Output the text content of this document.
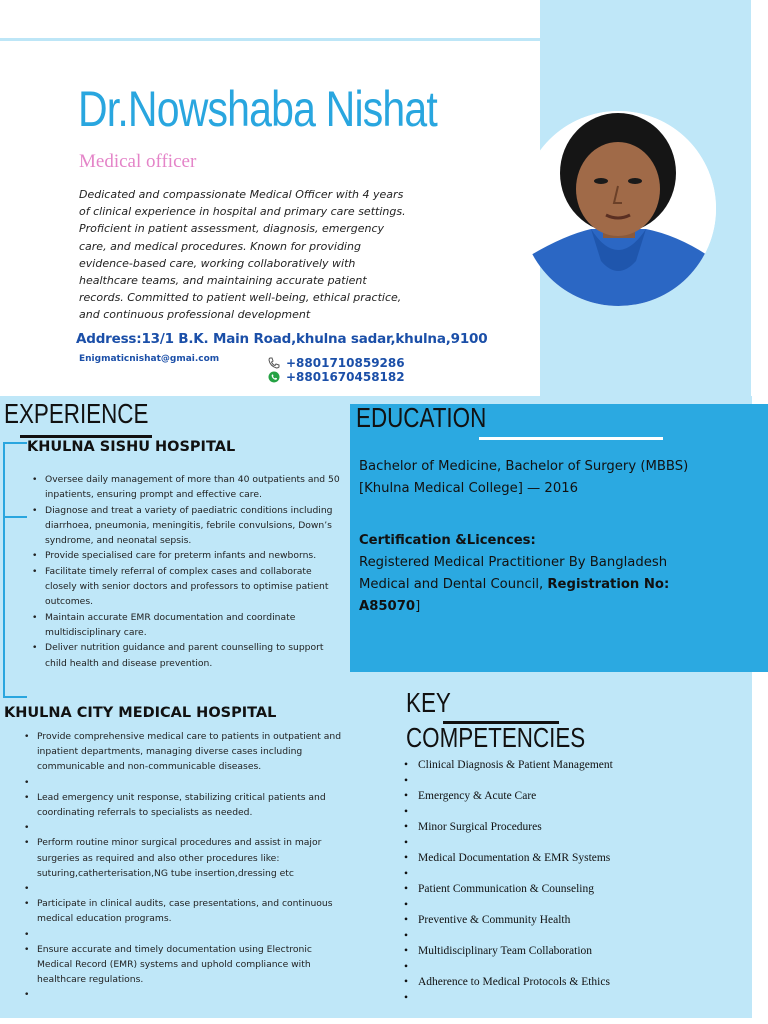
Dr.Nowshaba Nishat
Medical officer

Dedicated and compassionate Medical Officer with 4 years of clinical experience in hospital and primary care settings. Proficient in patient assessment, diagnosis, emergency care, and medical procedures. Known for providing evidence-based care, working collaboratively with healthcare teams, and maintaining accurate patient records. Committed to patient well-being, ethical practice, and continuous professional development

Address:13/1 B.K. Main Road,khulna sadar,khulna,9100
Enigmaticnishat@gmai.com	+8801710859286
+8801670458182
EXPERIENCE
KHULNA SISHU HOSPITAL
• Oversee daily management of more than 40 outpatients and 50 inpatients, ensuring prompt and effective care.
• Diagnose and treat a variety of paediatric conditions including diarrhoea, pneumonia, meningitis, febrile convulsions, Down’s syndrome, and neonatal sepsis.
• Provide specialised care for preterm infants and newborns.
• Facilitate timely referral of complex cases and collaborate closely with senior doctors and professors to optimise patient outcomes.
• Maintain accurate EMR documentation and coordinate multidisciplinary care.
• Deliver nutrition guidance and parent counselling to support child health and disease prevention.
KHULNA CITY MEDICAL HOSPITAL
• Provide comprehensive medical care to patients in outpatient and inpatient departments, managing diverse cases including communicable and non-communicable diseases.
•
• Lead emergency unit response, stabilizing critical patients and coordinating referrals to specialists as needed.
•
• Perform routine minor surgical procedures and assist in major surgeries as required and also other procedures like: suturing,catherterisation,NG tube insertion,dressing etc
•
• Participate in clinical audits, case presentations, and continuous medical education programs.
•
• Ensure accurate and timely documentation using Electronic Medical Record (EMR) systems and uphold compliance with healthcare regulations.
•
EDUCATION
Bachelor of Medicine, Bachelor of Surgery (MBBS)
[Khulna Medical College] — 2016
Certification &Licences:
Registered Medical Practitioner By Bangladesh Medical and Dental Council, Registration No: A85070]
KEY
COMPETENCIES
• Clinical Diagnosis & Patient Management
•
• Emergency & Acute Care
•
• Minor Surgical Procedures
•
• Medical Documentation & EMR Systems
•
• Patient Communication & Counseling
•
• Preventive & Community Health
•
• Multidisciplinary Team Collaboration
•
• Adherence to Medical Protocols & Ethics
•
